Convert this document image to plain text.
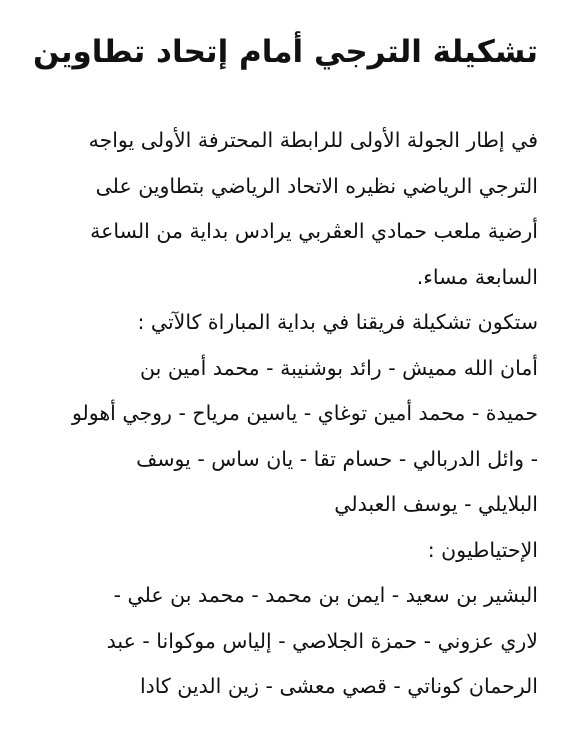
تشكيلة الترجي أمام إتحاد تطاوين
في إطار الجولة الأولى للرابطة المحترفة الأولى يواجه
الترجي الرياضي نظيره الاتحاد الرياضي بتطاوين على
أرضية ملعب حمادي العڨربي يرادس بداية من الساعة
السابعة مساء.
ستكون تشكيلة فريقنا في بداية المباراة كالآتي :
أمان الله مميش - رائد بوشنيبة - محمد أمين بن
حميدة - محمد أمين توغاي - ياسين مرياح - روجي أهولو
- وائل الدربالي - حسام تقا - يان ساس - يوسف
البلايلي - يوسف العبدلي
الإحتياطيون :
البشير بن سعيد - ايمن بن محمد - محمد بن علي -
لاري عزوني - حمزة الجلاصي - إلياس موكوانا - عبد
الرحمان كوناتي - قصي معشى - زين الدين كادا
